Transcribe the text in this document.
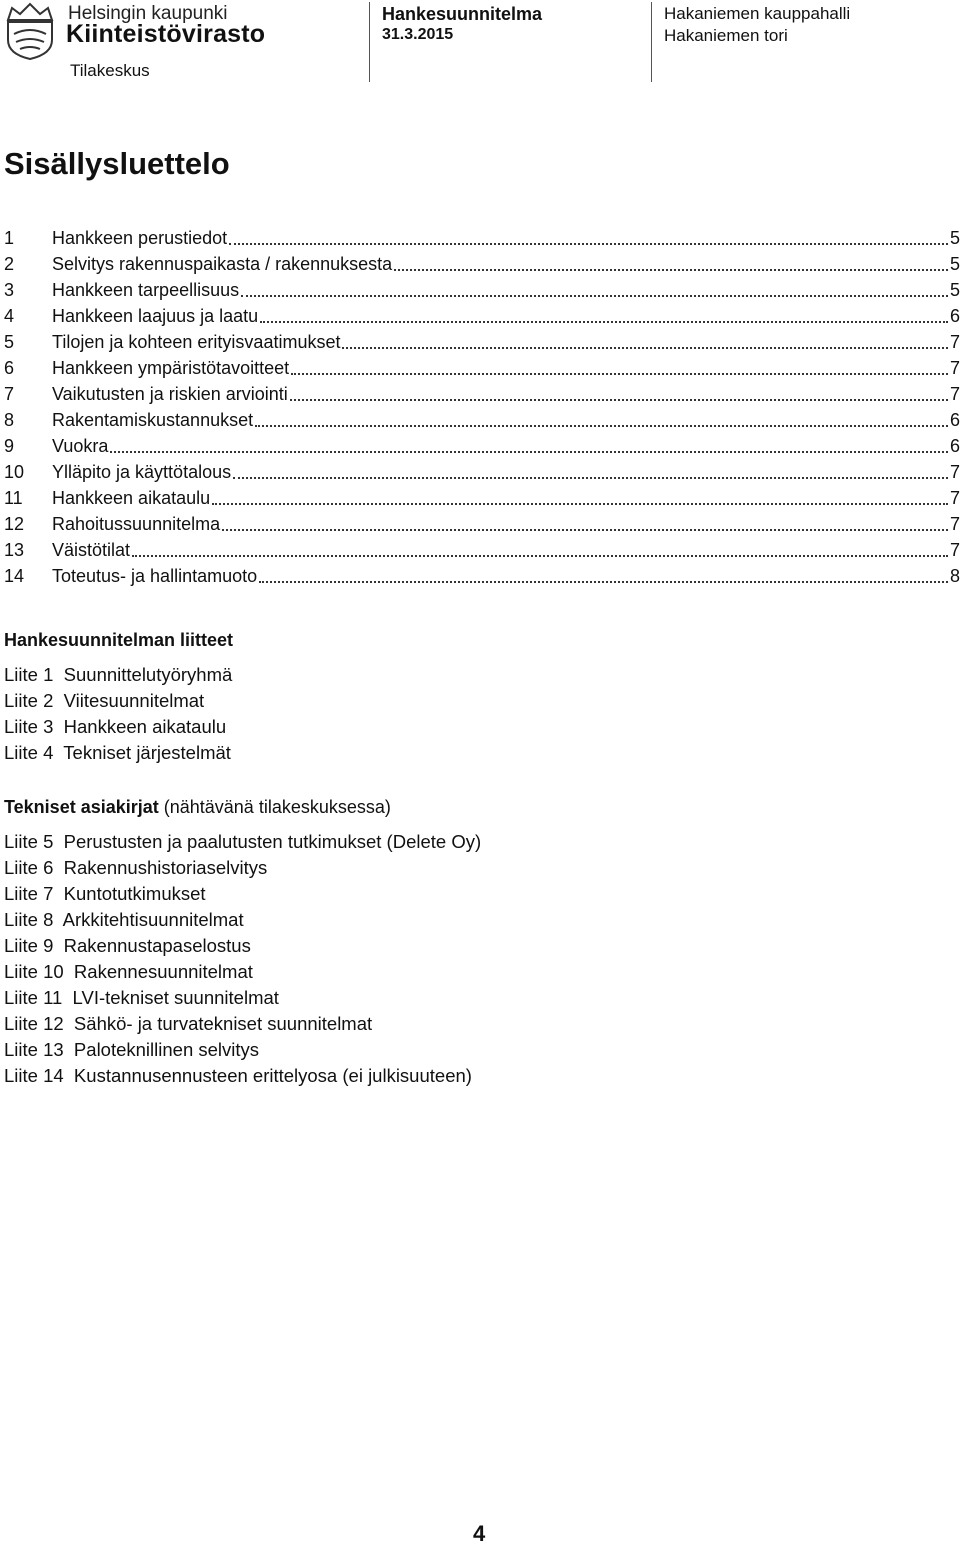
Helsingin kaupunki
Kiinteistövirasto
Tilakeskus
Hankesuunnitelma
31.3.2015
Hakaniemen kauppahalli
Hakaniemen tori
Sisällysluettelo
1 Hankkeen perustiedot	5
2 Selvitys rakennuspaikasta / rakennuksesta	5
3 Hankkeen tarpeellisuus	5
4 Hankkeen laajuus ja laatu	6
5 Tilojen ja kohteen erityisvaatimukset	7
6 Hankkeen ympäristötavoitteet	7
7 Vaikutusten ja riskien arviointi	7
8 Rakentamiskustannukset	6
9 Vuokra	6
10 Ylläpito ja käyttötalous	7
11 Hankkeen aikataulu	7
12 Rahoitussuunnitelma	7
13 Väistötilat	7
14 Toteutus- ja hallintamuoto	8
Hankesuunnitelman liitteet
Liite 1  Suunnittelutyöryhmä
Liite 2  Viitesuunnitelmat
Liite 3  Hankkeen aikataulu
Liite 4  Tekniset järjestelmät
Tekniset asiakirjat (nähtävänä tilakeskuksessa)
Liite 5  Perustusten ja paalutusten tutkimukset (Delete Oy)
Liite 6  Rakennushistoriaselvitys
Liite 7  Kuntotutkimukset
Liite 8  Arkkitehtisuunnitelmat
Liite 9  Rakennustapaselostus
Liite 10  Rakennesuunnitelmat
Liite 11  LVI-tekniset suunnitelmat
Liite 12  Sähkö- ja turvatekniset suunnitelmat
Liite 13  Paloteknillinen selvitys
Liite 14  Kustannusennusteen erittelyosa (ei julkisuuteen)
4
